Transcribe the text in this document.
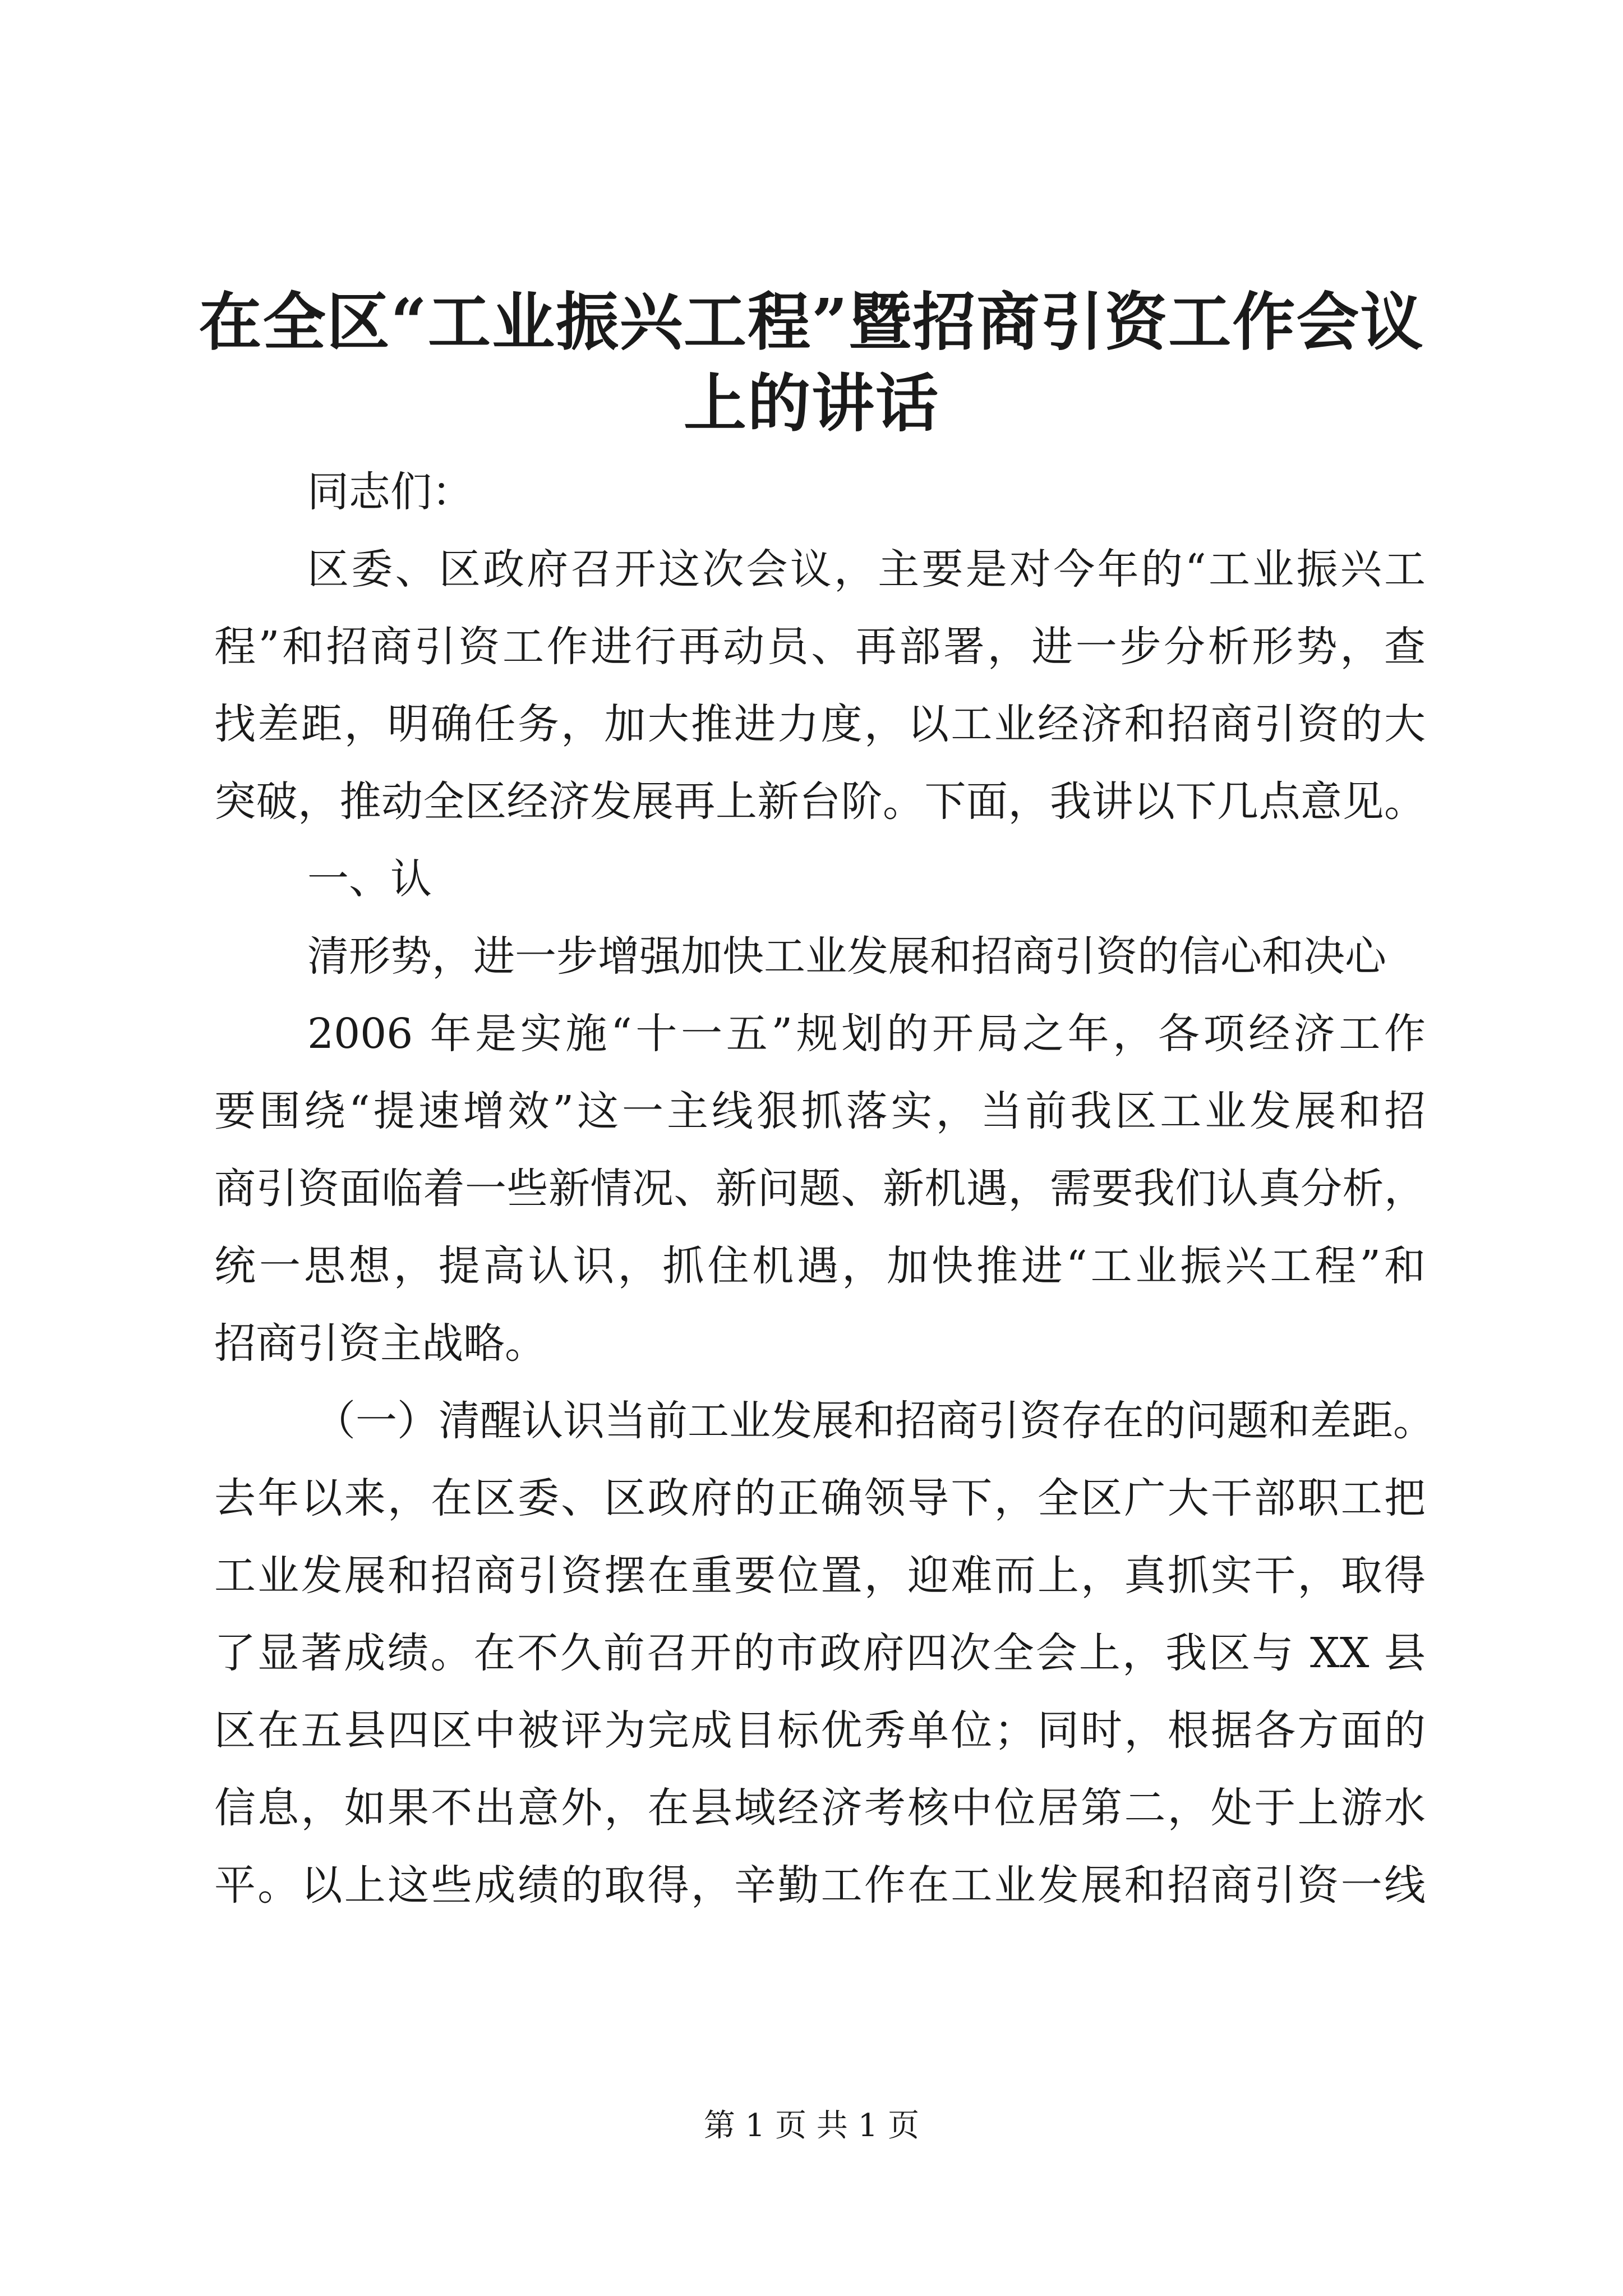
在全区“工业振兴工程”暨招商引资工作会议
上的讲话
同志们：
区委、区政府召开这次会议，主要是对今年的“工业振兴工
程”和招商引资工作进行再动员、再部署，进一步分析形势，查
找差距，明确任务，加大推进力度，以工业经济和招商引资的大
突破，推动全区经济发展再上新台阶。下面，我讲以下几点意见。
一、认
清形势，进一步增强加快工业发展和招商引资的信心和决心
2006 年是实施“十一五”规划的开局之年，各项经济工作
要围绕“提速增效”这一主线狠抓落实，当前我区工业发展和招
商引资面临着一些新情况、新问题、新机遇，需要我们认真分析，
统一思想，提高认识，抓住机遇，加快推进“工业振兴工程”和
招商引资主战略。
（一）清醒认识当前工业发展和招商引资存在的问题和差距。
去年以来，在区委、区政府的正确领导下，全区广大干部职工把
工业发展和招商引资摆在重要位置，迎难而上，真抓实干，取得
了显著成绩。在不久前召开的市政府四次全会上，我区与 XX 县
区在五县四区中被评为完成目标优秀单位；同时，根据各方面的
信息，如果不出意外，在县域经济考核中位居第二，处于上游水
平。以上这些成绩的取得，辛勤工作在工业发展和招商引资一线
第 1 页 共 1 页
